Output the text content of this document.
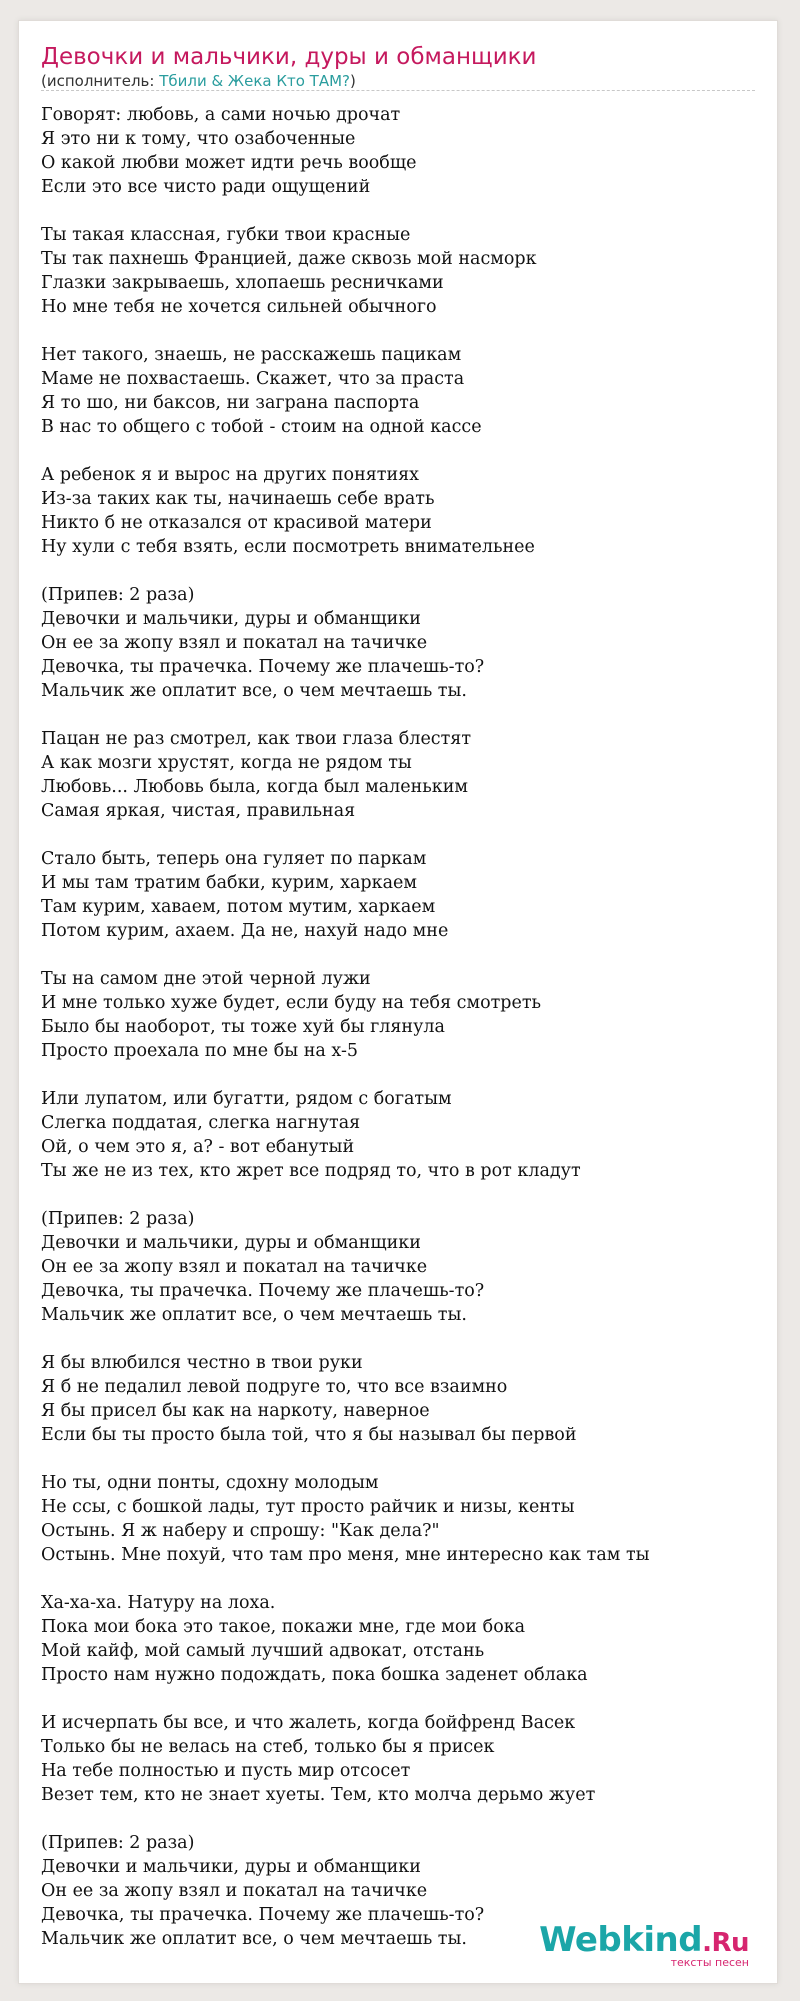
Девочки и мальчики, дуры и обманщики
(исполнитель: Тбили & Жека Кто ТАМ?)
Говорят: любовь, а сами ночью дрочат
Я это ни к тому, что озабоченные
О какой любви может идти речь вообще
Если это все чисто ради ощущений
Ты такая классная, губки твои красные
Ты так пахнешь Францией, даже сквозь мой насморк
Глазки закрываешь, хлопаешь ресничками
Но мне тебя не хочется сильней обычного
Нет такого, знаешь, не расскажешь пацикам
Маме не похвастаешь. Скажет, что за праста
Я то шо, ни баксов, ни заграна паспорта
В нас то общего с тобой - стоим на одной кассе
А ребенок я и вырос на других понятиях
Из-за таких как ты, начинаешь себе врать
Никто б не отказался от красивой матери
Ну хули с тебя взять, если посмотреть внимательнее
(Припев: 2 раза)
Девочки и мальчики, дуры и обманщики
Он ее за жопу взял и покатал на тачичке
Девочка, ты прачечка. Почему же плачешь-то?
Мальчик же оплатит все, о чем мечтаешь ты.
Пацан не раз смотрел, как твои глаза блестят
А как мозги хрустят, когда не рядом ты
Любовь... Любовь была, когда был маленьким
Самая яркая, чистая, правильная
Стало быть, теперь она гуляет по паркам
И мы там тратим бабки, курим, харкаем
Там курим, хаваем, потом мутим, харкаем
Потом курим, ахаем. Да не, нахуй надо мне
Ты на самом дне этой черной лужи
И мне только хуже будет, если буду на тебя смотреть
Было бы наоборот, ты тоже хуй бы глянула
Просто проехала по мне бы на x-5
Или лупатом, или бугатти, рядом с богатым
Слегка поддатая, слегка нагнутая
Ой, о чем это я, а? - вот ебанутый
Ты же не из тех, кто жрет все подряд то, что в рот кладут
(Припев: 2 раза)
Девочки и мальчики, дуры и обманщики
Он ее за жопу взял и покатал на тачичке
Девочка, ты прачечка. Почему же плачешь-то?
Мальчик же оплатит все, о чем мечтаешь ты.
Я бы влюбился честно в твои руки
Я б не педалил левой подруге то, что все взаимно
Я бы присел бы как на наркоту, наверное
Если бы ты просто была той, что я бы называл бы первой
Но ты, одни понты, сдохну молодым
Не ссы, с бошкой лады, тут просто райчик и низы, кенты
Остынь. Я ж наберу и спрошу: "Как дела?"
Остынь. Мне похуй, что там про меня, мне интересно как там ты
Ха-ха-ха. Натуру на лоха.
Пока мои бока это такое, покажи мне, где мои бока
Мой кайф, мой самый лучший адвокат, отстань
Просто нам нужно подождать, пока бошка заденет облака
И исчерпать бы все, и что жалеть, когда бойфренд Васек
Только бы не велась на стеб, только бы я присек
На тебе полностью и пусть мир отсосет
Везет тем, кто не знает хуеты. Тем, кто молча дерьмо жует
(Припев: 2 раза)
Девочки и мальчики, дуры и обманщики
Он ее за жопу взял и покатал на тачичке
Девочка, ты прачечка. Почему же плачешь-то?
Мальчик же оплатит все, о чем мечтаешь ты.	Webkind.Ru
тексты песен
